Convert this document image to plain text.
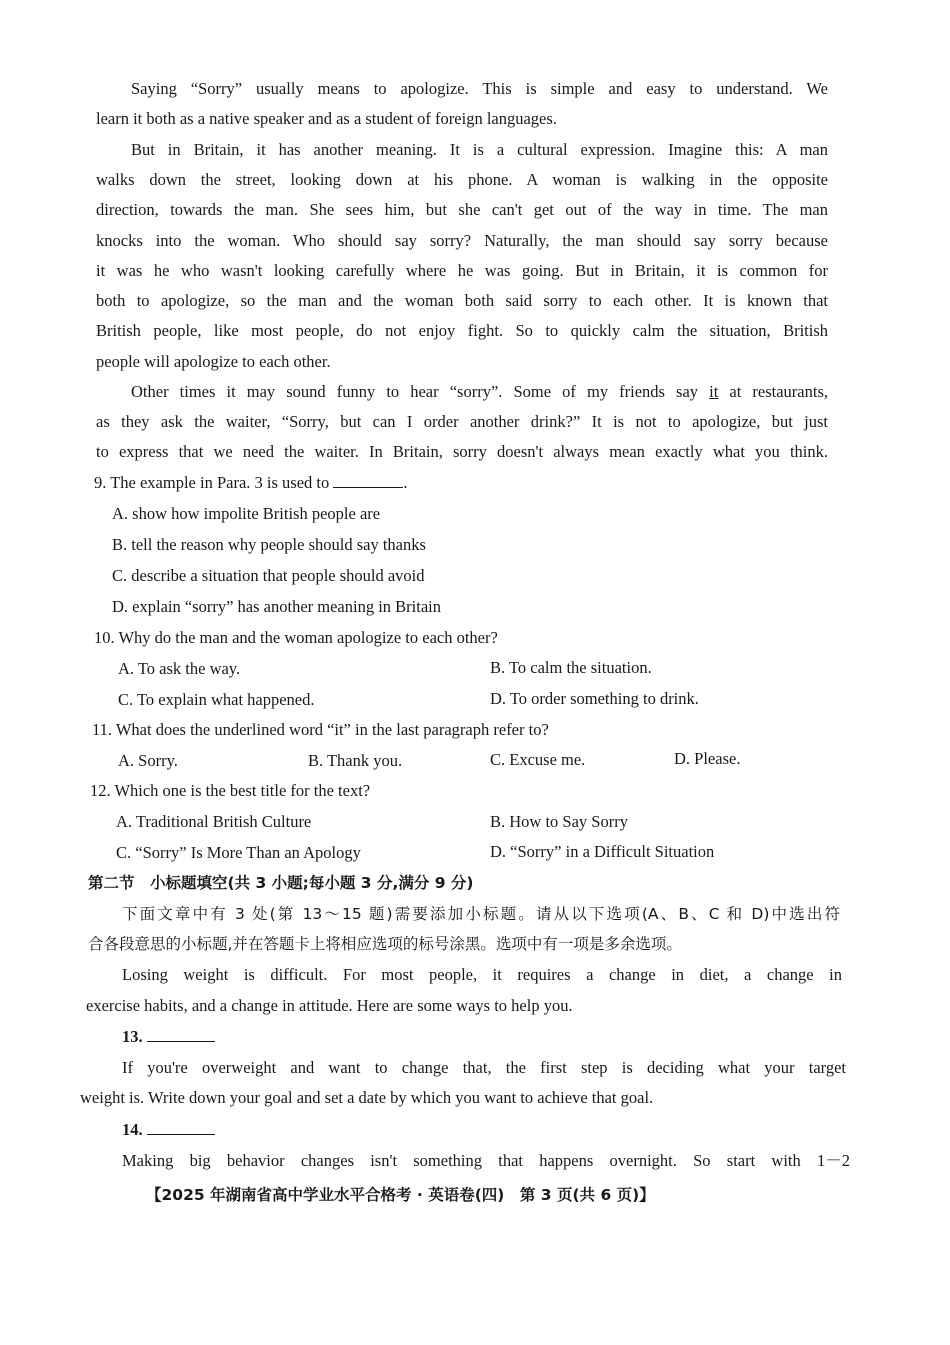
Saying “Sorry” usually means to apologize. This is simple and easy to understand. We
learn it both as a native speaker and as a student of foreign languages.
But in Britain, it has another meaning. It is a cultural expression. Imagine this: A man
walks down the street, looking down at his phone. A woman is walking in the opposite
direction, towards the man. She sees him, but she can't get out of the way in time. The man
knocks into the woman. Who should say sorry? Naturally, the man should say sorry because
it was he who wasn't looking carefully where he was going. But in Britain, it is common for
both to apologize, so the man and the woman both said sorry to each other. It is known that
British people, like most people, do not enjoy fight. So to quickly calm the situation, British
people will apologize to each other.
Other times it may sound funny to hear “sorry”. Some of my friends say it at restaurants,
as they ask the waiter, “Sorry, but can I order another drink?” It is not to apologize, but just
to express that we need the waiter. In Britain, sorry doesn't always mean exactly what you think.
9. The example in Para. 3 is used to	.
A. show how impolite British people are
B. tell the reason why people should say thanks
C. describe a situation that people should avoid
D. explain “sorry” has another meaning in Britain
10. Why do the man and the woman apologize to each other?
A. To ask the way.	B. To calm the situation.
C. To explain what happened.	D. To order something to drink.
11. What does the underlined word “it” in the last paragraph refer to?
A. Sorry.	B. Thank you.	C. Excuse me.	D. Please.
12. Which one is the best title for the text?
A. Traditional British Culture	B. How to Say Sorry
C. “Sorry” Is More Than an Apology	D. “Sorry” in a Difficult Situation
第二节　小标题填空(共 3 小题;每小题 3 分,满分 9 分)
下面文章中有 3 处(第 13～15 题)需要添加小标题。请从以下选项(A、B、C 和 D)中选出符
合各段意思的小标题,并在答题卡上将相应选项的标号涂黑。选项中有一项是多余选项。
Losing weight is difficult. For most people, it requires a change in diet, a change in
exercise habits, and a change in attitude. Here are some ways to help you.
13.
If you're overweight and want to change that, the first step is deciding what your target
weight is. Write down your goal and set a date by which you want to achieve that goal.
14.
Making big behavior changes isn't something that happens overnight. So start with 1－2
【2025 年湖南省高中学业水平合格考 · 英语卷(四)　第 3 页(共 6 页)】
